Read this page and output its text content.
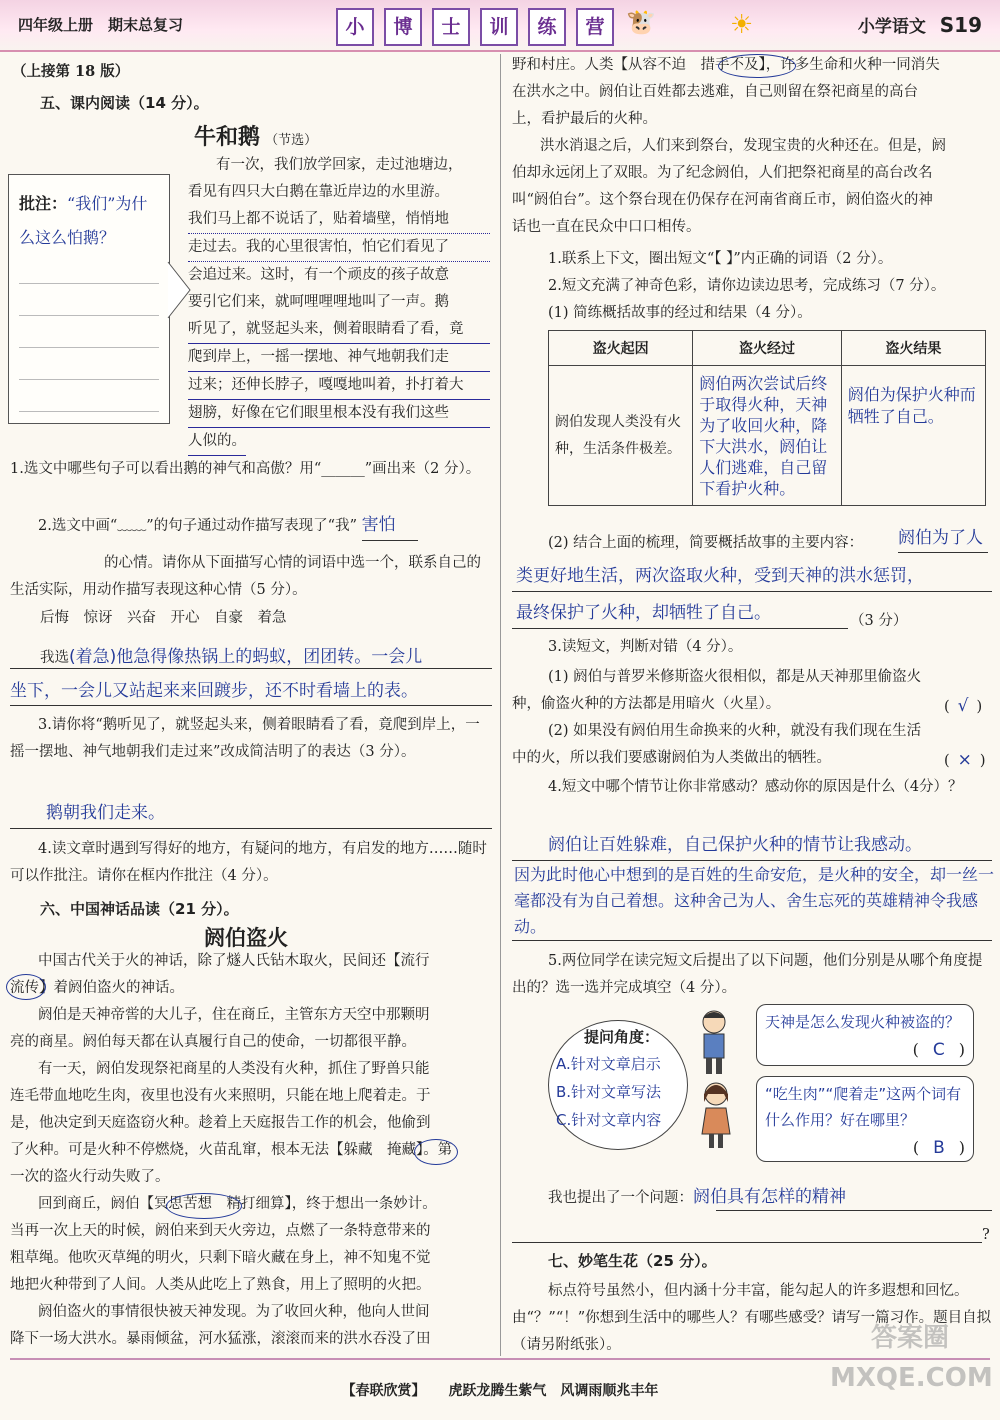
四年级上册　期末总复习	小	博	士	训	练	营 🐮	☀	小学语文 S19
（上接第 18 版）
五、课内阅读（14 分）。
牛和鹅 （节选）
批注：“我们”为什么这么怕鹅？
有一次，我们放学回家，走过池塘边，
看见有四只大白鹅在靠近岸边的水里游。
我们马上都不说话了，贴着墙壁，悄悄地
走过去。我的心里很害怕，怕它们看见了
会追过来。这时，有一个顽皮的孩子故意
要引它们来，就呵哩哩哩地叫了一声。鹅
听见了，就竖起头来，侧着眼睛看了看，竟
爬到岸上，一摇一摆地、神气地朝我们走
过来；还伸长脖子，嘎嘎地叫着，扑打着大
翅膀，好像在它们眼里根本没有我们这些
人似的。
1.选文中哪些句子可以看出鹅的神气和高傲？用“______”画出来（2 分）。
2.选文中画“﹏﹏”的句子通过动作描写表现了“我” 害怕
的心情。请你从下面描写心情的词语中选一个，联系自己的生活实际，用动作描写表现这种心情（5 分）。
后悔　惊讶　兴奋　开心　自豪　着急
我选(着急)他急得像热锅上的蚂蚁，团团转。一会儿
坐下，一会儿又站起来来回踱步，还不时看墙上的表。
3.请你将“鹅听见了，就竖起头来，侧着眼睛看了看，竟爬到岸上，一摇一摆地、神气地朝我们走过来”改成简洁明了的表达（3 分）。
鹅朝我们走来。
4.读文章时遇到写得好的地方，有疑问的地方，有启发的地方……随时可以作批注。请你在框内作批注（4 分）。
六、中国神话品读（21 分）。
阏伯盗火
中国古代关于火的神话，除了燧人氏钻木取火，民间还【流行
流传】着阏伯盗火的神话。
阏伯是天神帝喾的大儿子，住在商丘，主管东方天空中那颗明
亮的商星。阏伯每天都在认真履行自己的使命，一切都很平静。
有一天，阏伯发现祭祀商星的人类没有火种，抓住了野兽只能
连毛带血地吃生肉，夜里也没有火来照明，只能在地上爬着走。于
是，他决定到天庭盗窃火种。趁着上天庭报告工作的机会，他偷到
了火种。可是火种不停燃烧，火苗乱窜，根本无法【躲藏　掩藏】。第
一次的盗火行动失败了。
回到商丘，阏伯【冥思苦想　精打细算】，终于想出一条妙计。
当再一次上天的时候，阏伯来到天火旁边，点燃了一条特意带来的
粗草绳。他吹灭草绳的明火，只剩下暗火藏在身上，神不知鬼不觉
地把火种带到了人间。人类从此吃上了熟食，用上了照明的火把。
阏伯盗火的事情很快被天神发现。为了收回火种，他向人世间
降下一场大洪水。暴雨倾盆，河水猛涨，滚滚而来的洪水吞没了田
野和村庄。人类【从容不迫　措手不及】，许多生命和火种一同消失
在洪水之中。阏伯让百姓都去逃难，自己则留在祭祀商星的高台
上，看护最后的火种。
洪水消退之后，人们来到祭台，发现宝贵的火种还在。但是，阏
伯却永远闭上了双眼。为了纪念阏伯，人们把祭祀商星的高台改名
叫“阏伯台”。这个祭台现在仍保存在河南省商丘市，阏伯盗火的神
话也一直在民众中口口相传。
1.联系上下文，圈出短文“【 】”内正确的词语（2 分）。
2.短文充满了神奇色彩，请你边读边思考，完成练习（7 分）。
(1) 简练概括故事的经过和结果（4 分）。
盗火起因	盗火经过	盗火结果
阏伯发现人类没有火种，生活条件极差。	阏伯两次尝试后终于取得火种，天神为了收回火种，降下大洪水，阏伯让人们逃难，自己留下看护火种。	阏伯为保护火种而牺牲了自己。
(2) 结合上面的梳理，简要概括故事的主要内容： 阏伯为了人
类更好地生活，两次盗取火种，受到天神的洪水惩罚，
最终保护了火种，却牺牲了自己。	（3 分）
3.读短文，判断对错（4 分）。
(1) 阏伯与普罗米修斯盗火很相似，都是从天神那里偷盗火种，偷盗火种的方法都是用暗火（火星）。	( √ )
(2) 如果没有阏伯用生命换来的火种，就没有我们现在生活中的火，所以我们要感谢阏伯为人类做出的牺牲。	( × )
4.短文中哪个情节让你非常感动？感动你的原因是什么（4分）？
阏伯让百姓躲难，自己保护火种的情节让我感动。
因为此时他心中想到的是百姓的生命安危，是火种的安全，却一丝一毫都没有为自己着想。这种舍己为人、舍生忘死的英雄精神令我感动。
5.两位同学在读完短文后提出了以下问题，他们分别是从哪个角度提出的？选一选并完成填空（4 分）。
提问角度：
A.针对文章启示
B.针对文章写法
C.针对文章内容
天神是怎么发现火种被盗的？
( C )
“吃生肉”“爬着走”这两个词有什么作用？好在哪里？
( B )
我也提出了一个问题：阏伯具有怎样的精神
?
七、妙笔生花（25 分）。
标点符号虽然小，但内涵十分丰富，能勾起人的许多遐想和回忆。由“？”“！”你想到生活中的哪些人？有哪些感受？请写一篇习作。题目自拟（请另附纸张）。
【春联欣赏】 虎跃龙腾生紫气　风调雨顺兆丰年
答案圈 MXQE.COM
